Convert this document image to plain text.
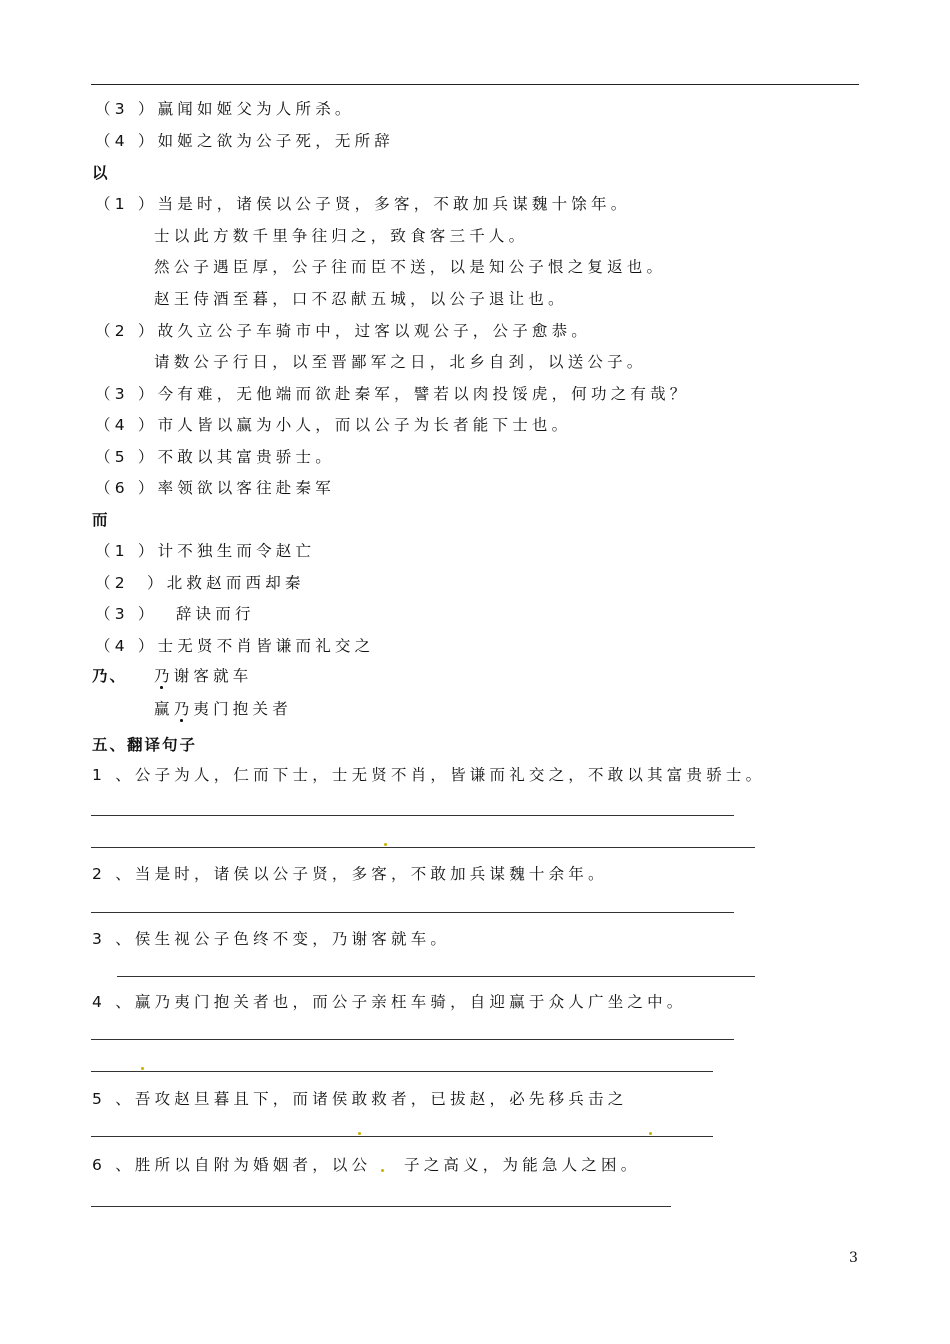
（3 ）赢闻如姬父为人所杀。
（4 ）如姬之欲为公子死，无所辞
以
（1 ）当是时，诸侯以公子贤，多客，不敢加兵谋魏十馀年。
士以此方数千里争往归之，致食客三千人。
然公子遇臣厚，公子往而臣不送，以是知公子恨之复返也。
赵王侍酒至暮，口不忍献五城，以公子退让也。
（2 ）故久立公子车骑市中，过客以观公子，公子愈恭。
请数公子行日，以至晋鄙军之日，北乡自刭，以送公子。
（3 ）今有难，无他端而欲赴秦军，譬若以肉投馁虎，何功之有哉？
（4 ）市人皆以赢为小人，而以公子为长者能下士也。
（5 ）不敢以其富贵骄士。
（6 ）率领欲以客往赴秦军
而
（1 ）计不独生而令赵亡
（2  ）北救赵而西却秦
（3 ）  辞诀而行
（4 ）士无贤不肖皆谦而礼交之
乃、 乃谢客就车
赢乃夷门抱关者
五、翻译句子
1 、公子为人，仁而下士，士无贤不肖，皆谦而礼交之，不敢以其富贵骄士。
2 、当是时，诸侯以公子贤，多客，不敢加兵谋魏十余年。
3 、侯生视公子色终不变，乃谢客就车。
4 、赢乃夷门抱关者也，而公子亲枉车骑，自迎赢于众人广坐之中。
5 、吾攻赵旦暮且下，而诸侯敢救者，已拔赵，必先移兵击之
6 、胜所以自附为婚姻者，以公 子之高义，为能急人之困。
3
